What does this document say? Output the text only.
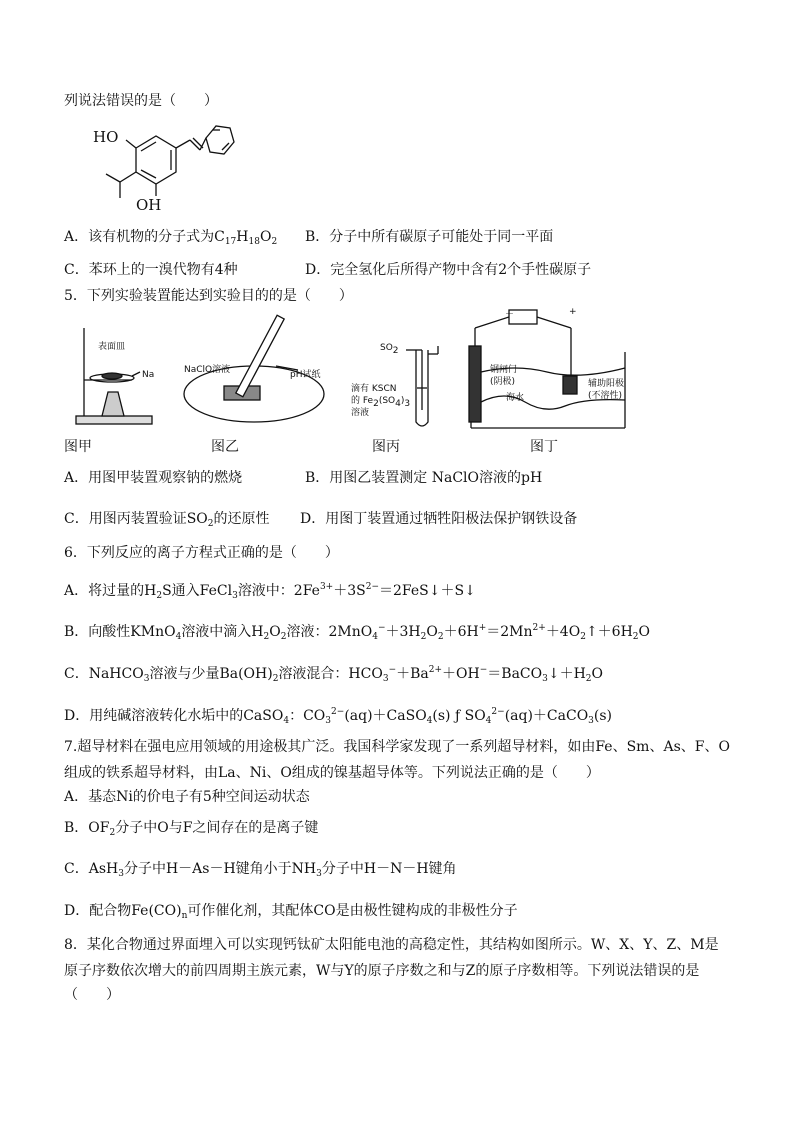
列说法错误的是（　　）
HO
OH
A．该有机物的分子式为$C_{17}H_{18}O_2$ B．分子中所有碳原子可能处于同一平面
C．苯环上的一溴代物有4种	D．完全氢化后所得产物中含有2个手性碳原子
5．下列实验装置能达到实验目的的是（　　）
表面皿
Na
图甲
NaClO溶液	pH试纸
图乙
$SO_2$
滴有 KSCN
的 $Fe_2(SO_4)_3$
溶液
图丙
－	+
钢闸门
(阴极)	辅助阳极
(不溶性)
海水
图丁
A．用图甲装置观察钠的燃烧	B．用图乙装置测定 NaClO溶液的pH
C．用图丙装置验证$SO_2$的还原性 D．用图丁装置通过牺牲阳极法保护钢铁设备
6．下列反应的离子方程式正确的是（　　）
A．将过量的$H_2S$通入FeCl$_3$溶液中：$2Fe^{3+}+3S^{2-}=2FeS↓+S↓$
B．向酸性KMnO$_4$溶液中滴入$H_2O_2$溶液：$2MnO_4^-+3H_2O_2+6H^+=2Mn^{2+}+4O_2↑+6H_2O$
C．NaHCO$_3$溶液与少量$Ba(OH)_2$溶液混合：$HCO_3^-+Ba^{2+}+OH^-=BaCO_3↓+H_2O$
D．用纯碱溶液转化水垢中的CaSO$_4$：$CO_3^{2-}(aq)+CaSO_4(s)$ ƒ $SO_4^{2-}(aq)+CaCO_3(s)$
7.超导材料在强电应用领域的用途极其广泛。我国科学家发现了一系列超导材料，如由Fe、Sm、As、F、O
组成的铁系超导材料，由La、Ni、O组成的镍基超导体等。下列说法正确的是（　　）
A．基态Ni的价电子有5种空间运动状态
B．$OF_2$分子中O与F之间存在的是离子键
C．AsH$_3$分子中H－As－H键角小于$NH_3$分子中H－N－H键角
D．配合物$Fe(CO)_n$可作催化剂，其配体CO是由极性键构成的非极性分子
8．某化合物通过界面埋入可以实现钙钛矿太阳能电池的高稳定性，其结构如图所示。W、X、Y、Z、M是
原子序数依次增大的前四周期主族元素，W与Y的原子序数之和与Z的原子序数相等。下列说法错误的是
（　　）
